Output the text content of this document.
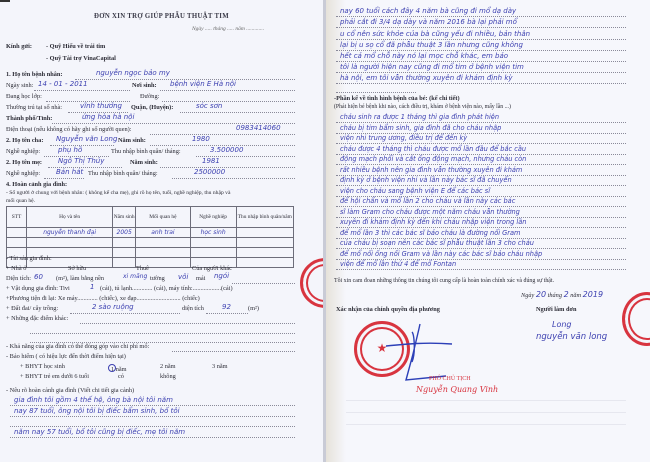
ĐƠN XIN TRỢ GIÚP PHẪU THUẬT TIM
Ngày ..... tháng ..... năm .............
Kính gửi: - Quỹ Hiểu về trái tim
- Quỹ Tài trợ VinaCapital
1. Họ tên bệnh nhân:	nguyễn ngọc bảo my
Ngày sinh: 14 - 01 - 2011	Nơi sinh: bệnh viện E Hà nội
Đang học lớp:	Đường:
Thường trú tại số nhà:	vĩnh thưởng Quận, (Huyện):	sóc sơn
Thành phố/Tỉnh:	ứng hòa hà nội
Điện thoại (nếu không có hãy ghi số người quen):	0983414060
2. Họ tên cha: Nguyễn văn Long Năm sinh:	1980
Nghề nghiệp:	phụ hồ	Thu nhập bình quân/ tháng:	3.500000
2. Họ tên mẹ: Ngô Thị Thủy	Năm sinh:	1981
Nghề nghiệp: Bán hát Thu nhập bình quân/ tháng:	2500000
4. Hoàn cảnh gia đình:
- Số người ở chung với bệnh nhân: ( không kể cha mẹ), ghi rõ họ tên, tuổi, nghề nghiệp, thu nhập và
mối quan hệ.
STT	Họ và tên	Năm sinh	Mối quan hệ	Nghề nghiệp	Thu nhập bình quân/năm
	nguyễn thanh đại	2005	anh trai	học sinh	

- Tài sản gia đình:
+ Nhà ở	Sở hữu	Thuê	Của người khác
Diện tích: 60 (m²), làm bằng nền	xi măng tường vôi mái ngói
+ Vật dụng gia đình: Tivi	1 (cái), tủ lạnh............. (cái), máy tính:..................(cái)
+Phương tiện đi lại: Xe máy............. (chiếc), xe đạp............................ (chiếc)
+ Đất đai/ cây trồng:	2 sào ruộng	diện tích	92	(m²)
+ Những đặc điểm khác:
- Khả năng của gia đình có thể đóng góp vào chi phí mổ:
- Bảo hiểm ( có hiệu lực đến thời điểm hiện tại)
+ BHYT học sinh	1 năm	2 năm	3 năm
+ BHYT trẻ em dưới 6 tuổi	có	không
- Nêu rõ hoàn cảnh gia đình (Viết chi tiết gia cảnh)
gia đình tôi gồm 4 thế hệ, ông bà nội tôi năm
nay 87 tuổi, ông nội tôi bị điếc bẩm sinh, bố tôi
năm nay 57 tuổi, bố tôi cũng bị điếc, mẹ tôi năm
nay 60 tuổi cách đây 4 năm bà cũng đi mổ dạ dày
phải cắt đi 3/4 dạ dày và năm 2016 bà lại phải mổ
u cổ nên sức khỏe của bà cũng yếu đi nhiều, bản thân
lại bị u sọ cổ đã phẫu thuật 3 lần nhưng cũng không
hết cả mổ chỗ này nó lại mọc chỗ khác, em bảo
tôi là người hiện nay cũng đi mổ tim ở bệnh viện tim
hà nội, em tôi vẫn thường xuyên đi khám định kỳ
-Phần kể về tình hình bệnh của bé: (kể chi tiết)
(Phát hiện bé bệnh khi nào, cách điều trị, khám ở bệnh viện nào, mấy lần ...)
cháu sinh ra được 1 tháng thì gia đình phát hiện
cháu bị tim bẩm sinh, gia đình đã cho cháu nhập
viện nhi trung ương, điều trị để đến kỳ
cháu được 4 tháng thì cháu được mổ lần đầu để bắc cầu
động mạch phổi và cắt ống động mạch, nhưng cháu còn
rất nhiều bệnh nên gia đình vẫn thường xuyên đi khám
định kỳ ở bệnh viện nhi và lần này bác sĩ đã chuyển
viện cho cháu sang bệnh viện E để các bác sĩ
để hội chẩn và mổ lần 2 cho cháu và lần này các bác
sĩ làm Gram cho cháu được một năm cháu vẫn thường
xuyên đi khám định kỳ đến khi cháu nhập viện trong lần
để mổ lần 3 thì các bác sĩ bảo cháu là đường nối Gram
của cháu bị soạn nên các bác sĩ phẫu thuật lần 3 cho cháu
để mổ nối ống nối Gram và lần này các bác sĩ bảo cháu nhập
viện để mổ lần thứ 4 để mổ Fontan
Tôi xin cam đoan những thông tin chúng tôi cung cấp là hoàn toàn chính xác và đúng sự thật.
Ngày 20 tháng 2 năm 2019
Xác nhận của chính quyền địa phương	Người làm đơn
Long
nguyễn văn long
★
PHÓ CHỦ TỊCH
Nguyễn Quang Vinh
